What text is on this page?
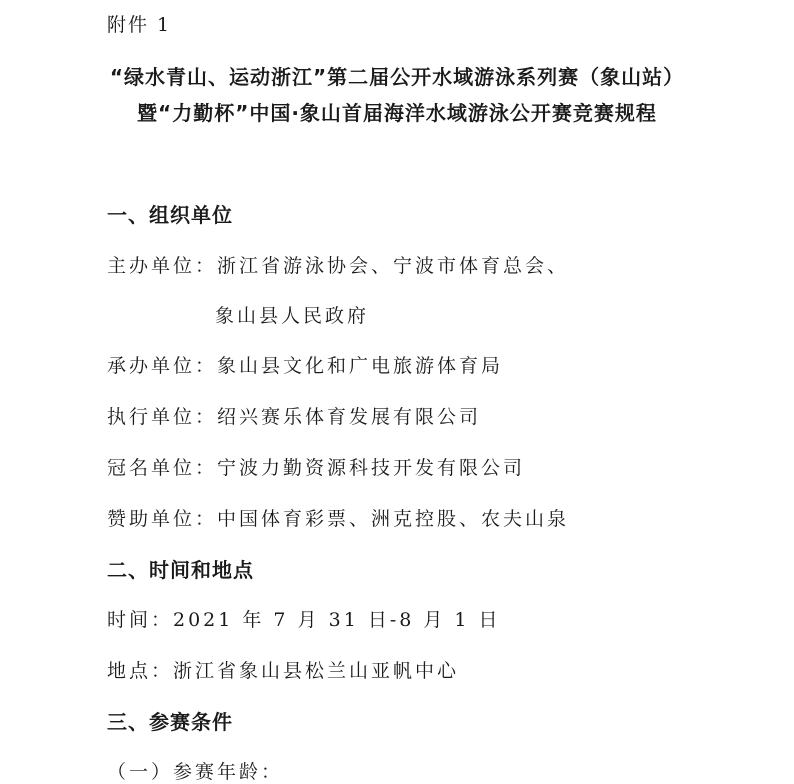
附件 1
“绿水青山、运动浙江”第二届公开水域游泳系列赛（象山站）
暨“力勤杯”中国·象山首届海洋水域游泳公开赛竞赛规程
一、组织单位
主办单位：浙江省游泳协会、宁波市体育总会、
象山县人民政府
承办单位：象山县文化和广电旅游体育局
执行单位：绍兴赛乐体育发展有限公司
冠名单位：宁波力勤资源科技开发有限公司
赞助单位：中国体育彩票、洲克控股、农夫山泉
二、时间和地点
时间：2021 年 7 月 31 日-8 月 1 日
地点：浙江省象山县松兰山亚帆中心
三、参赛条件
（一）参赛年龄：
